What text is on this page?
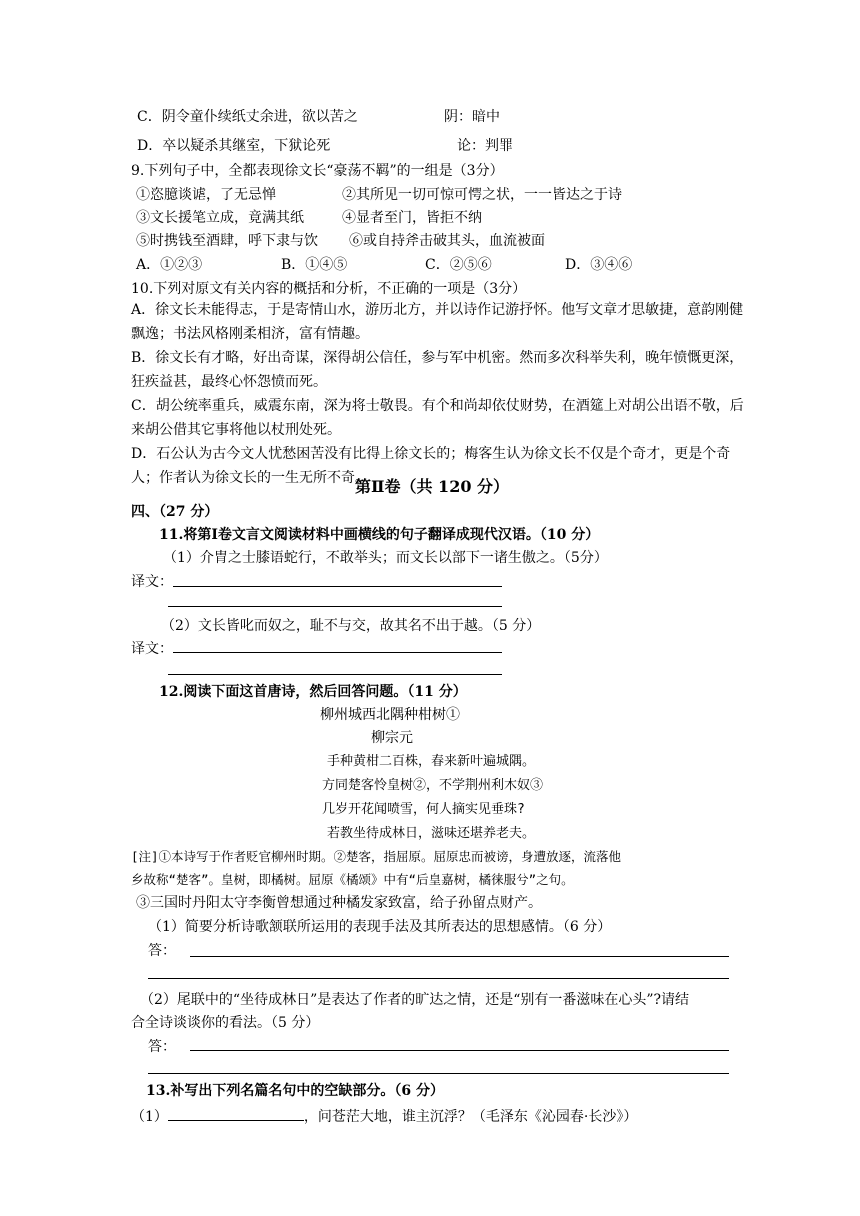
C．阴令童仆续纸丈余进，欲以苦之	阴：暗中
D．卒以疑杀其继室，下狱论死	论：判罪
9.下列句子中，全都表现徐文长“豪荡不羁”的一组是（3分）
①恣臆谈谑，了无忌惮	②其所见一切可惊可愕之状，一一皆达之于诗
③文长援笔立成，竟满其纸	④显者至门，皆拒不纳
⑤时携钱至酒肆，呼下隶与饮 ⑥或自持斧击破其头，血流被面
A．①②③	B．①④⑤	C．②⑤⑥	D．③④⑥
10.下列对原文有关内容的概括和分析，不正确的一项是（3分）
A．徐文长未能得志，于是寄情山水，游历北方，并以诗作记游抒怀。他写文章才思敏捷，意韵刚健飘逸；书法风格刚柔相济，富有情趣。
B．徐文长有才略，好出奇谋，深得胡公信任，参与军中机密。然而多次科举失利，晚年愤慨更深，狂疾益甚，最终心怀怨愤而死。
C．胡公统率重兵，威震东南，深为将士敬畏。有个和尚却依仗财势，在酒筵上对胡公出语不敬，后来胡公借其它事将他以杖刑处死。
D．石公认为古今文人忧愁困苦没有比得上徐文长的；梅客生认为徐文长不仅是个奇才，更是个奇人；作者认为徐文长的一生无所不奇。
第Ⅱ卷（共 120 分）
四、（27 分）
11.将第Ⅰ卷文言文阅读材料中画横线的句子翻译成现代汉语。（10 分）
（1）介胄之士膝语蛇行，不敢举头；而文长以部下一诸生傲之。（5分）
译文：
（2）文长皆叱而奴之，耻不与交，故其名不出于越。（5 分）
译文：
12.阅读下面这首唐诗，然后回答问题。（11 分）
柳州城西北隅种柑树①
柳宗元
手种黄柑二百株，春来新叶遍城隅。
方同楚客怜皇树②，不学荆州利木奴③
几岁开花闻喷雪，何人摘实见垂珠?
若教坐待成林日，滋味还堪养老夫。
[注]①本诗写于作者贬官柳州时期。②楚客，指屈原。屈原忠而被谤，身遭放逐，流落他
乡故称“楚客”。皇树，即橘树。屈原《橘颂》中有“后皇嘉树，橘徕服兮”之句。
③三国时丹阳太守李衡曾想通过种橘发家致富，给子孙留点财产。
（1）简要分析诗歌颔联所运用的表现手法及其所表达的思想感情。（6 分）
答：
（2）尾联中的“坐待成林日”是表达了作者的旷达之情，还是“别有一番滋味在心头”?请结
合全诗谈谈你的看法。（5 分）
答：
13.补写出下列名篇名句中的空缺部分。（6 分）
（1）	，问苍茫大地，谁主沉浮？（毛泽东《沁园春·长沙》）
